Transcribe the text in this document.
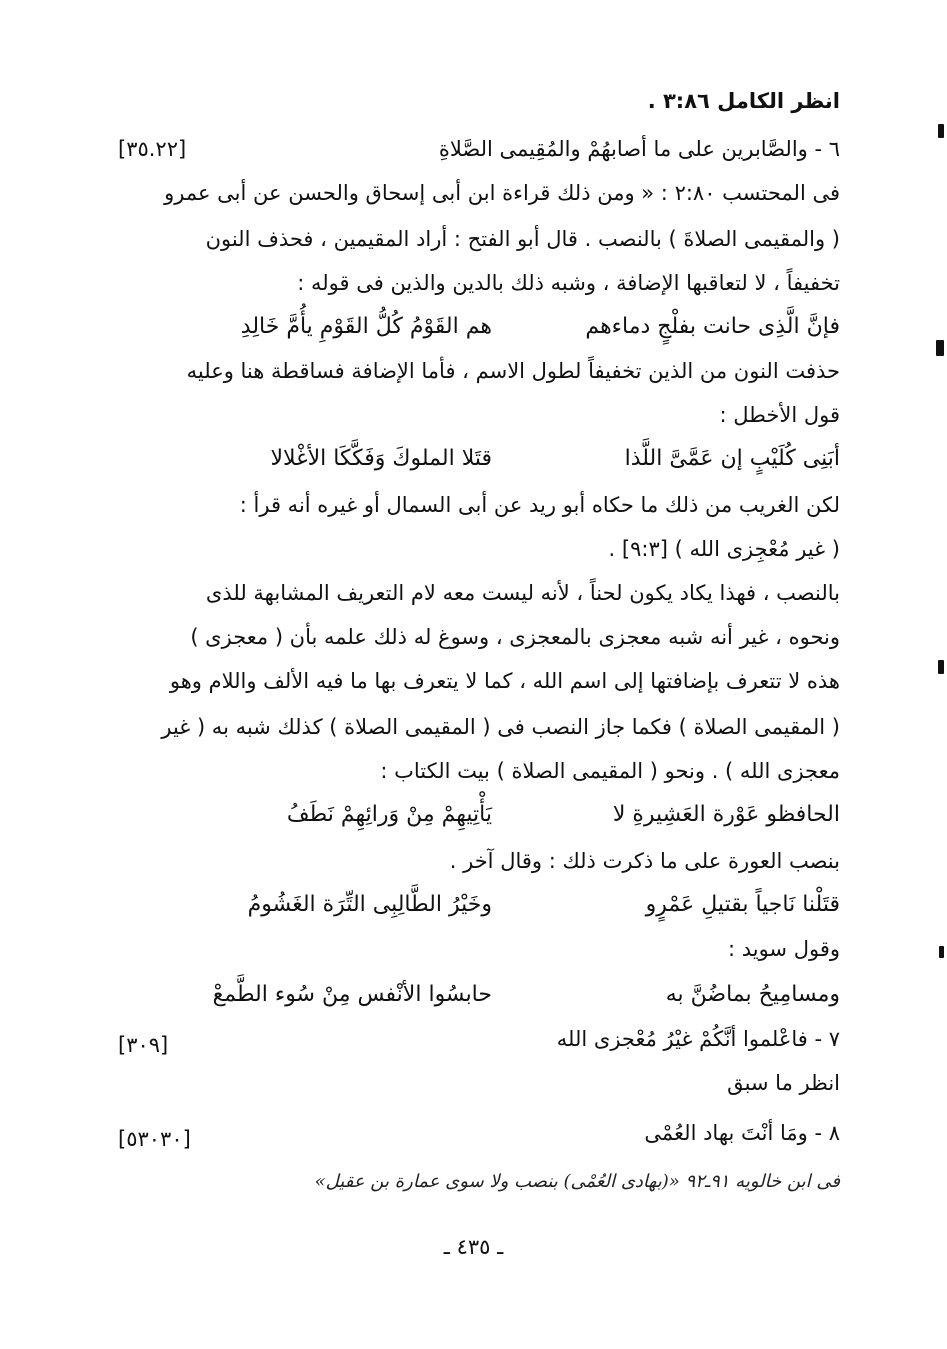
انظر الكامل ٣:٨٦ .
٦ - والصَّابرين على ما أصابهُمْ والمُقِيمى الصَّلاةِ
[٣٥.٢٢]
فى المحتسب ٢:٨٠ : « ومن ذلك قراءة ابن أبى إسحاق والحسن عن أبى عمرو
( والمقيمى الصلاةَ ) بالنصب . قال أبو الفتح : أراد المقيمين ، فحذف النون
تخفيفاً ، لا لتعاقبها الإضافة ، وشبه ذلك بالدين والذين فى قوله :
فإنَّ الَّذِى حانت بفلْجٍ دماءهم
هم القَوْمُ كُلُّ القَوْمِ يأُمَّ خَالِدِ
حذفت النون من الذين تخفيفاً لطول الاسم ، فأما الإضافة فساقطة هنا وعليه
قول الأخطل :
أبَنِى كُلَيْبٍ إن عَمَّىَّ اللَّذا
قتَلا الملوكَ وَفَكَّكَا الأغْلالا
لكن الغريب من ذلك ما حكاه أبو ريد عن أبى السمال أو غيره أنه قرأ :
( غير مُعْجِزى الله ) [٩:٣] .
بالنصب ، فهذا يكاد يكون لحناً ، لأنه ليست معه لام التعريف المشابهة للذى
ونحوه ، غير أنه شبه معجزى بالمعجزى ، وسوغ له ذلك علمه بأن ( معجزى )
هذه لا تتعرف بإضافتها إلى اسم الله ، كما لا يتعرف بها ما فيه الألف واللام وهو
( المقيمى الصلاة ) فكما جاز النصب فى ( المقيمى الصلاة ) كذلك شبه به ( غير
معجزى الله ) . ونحو ( المقيمى الصلاة ) بيت الكتاب :
الحافظو عَوْرة العَشِيرةِ لا
يَأْتِيهِمْ مِنْ وَرائِهِمْ نَطَفُ
بنصب العورة على ما ذكرت ذلك : وقال آخر .
قتَلْنا نَاجياً بقتيلِ عَمْرٍو
وخَيْرُ الطَّالِبِى التِّرَة الغَشُومُ
وقول سويد :
ومسامِيحُ بماضُنَّ به
حابسُوا الأنْفس مِنْ سُوء الطَّمعْ
٧ - فاعْلموا أنَّكُمْ غيْرُ مُعْجزى الله
[٣٠٩]
انظر ما سبق
٨ - ومَا أنْتَ بهاد العُمْى
[٥٣٠٣٠]
فى ابن خالويه ٩١ـ٩٢ «(بهادى العُمْى) بنصب ولا سوى عمارة بن عقيل»
ـ ٤٣٥ ـ
